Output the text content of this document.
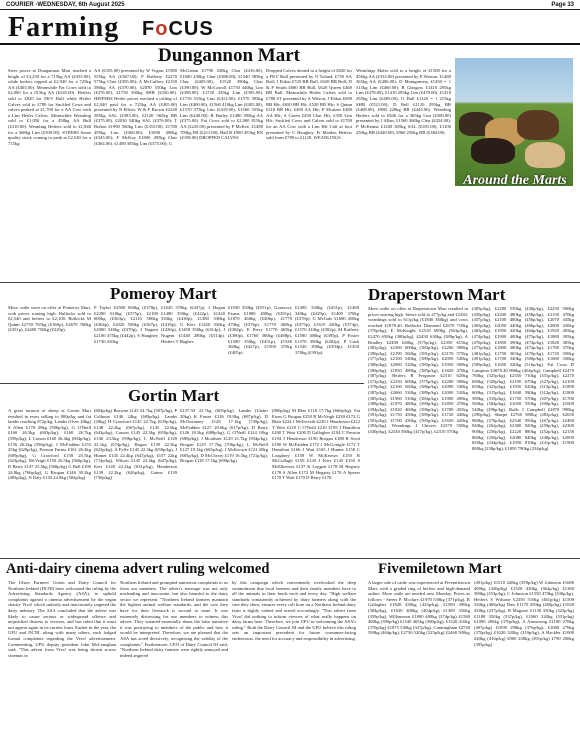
COURIER -WEDNESDAY, 6th August 2025	Page 33
Farming FoCUS
Dungannon Mart
Steer prices at Dungannon Mart reached a height of £3,250 for a 715kg AA (£455.00), while heifers topped at £2,940 for a 725kg AA (£405.00). Meanwhile Fat Cows sold to £2,000 for a 815kg AA (£245.00). Heifers sold to £820 for FKV Bull while Heifer Calves sold to £780 for Suckled Cows and calves peaked at £1,700 for a AA Cow with a Lim Heifer Calves. Meanwhile Weanling sold to £1,050 for a 458kg AA Bull (£310.00). Weanling Heifers sold to £1,840 for a 368kg Lim (£500.00). STEERS Some quality stock coming to peak at £2,540 for a 715kg
AA (£355.00) presented by W Vogan, £1980 555kg AA (£367.00); P Rafferty £2270 575kg Char (£395.00); A McCaffrey £2150 580kg AA (£370.00), £2070 550kg Lim (£376.00), £1750 500kg SHB (£350.00). HEIFERS Heifer prices reached a ceiling of £2,940 paid for a 725kg AA (£405.00) presented by N Elliott, W & F Brown £2240 585kg SAL (£383.00), £2120 565kg BB (£375.00), £2030 540kg SAL (£376.00); T Bolton £1990 560kg Lim (£355.00), £1780 495kg Lim (£360.00), £1690 490kg (£345.00); F McKay £1800 495kg Char (£364.00), £1490 385kg Lim (£375.00); G
McGahan £1790 430kg Char (£416.00), £1600 430kg Char (£386.00), £1540 385kg Char (£405.00), £1520 390kg Char (£390.00); W McCarroll £1750 440kg Lim (£398.00), £1720 435kg Lim (£395.00), £1710 415kg Lim (£412.00), £1570 395kg Lim (£400.00), £1560 410kg Lim (£405.00), £1570 375kg Lim (£419.00), £1560 355kg Lim (£440.00); B Hurley £1480 395kg AA (£375.00). Fat Cows sold to £2,000 815kg AA (£245.00) presented by F McKee, £1480 700kg FR (£211.00); Hall R £900 455kg BN (£198.00) DROPPED CALVES
Dropped Calves dented to a height of £820 for a FKV Bull presented by O Toland, £750 AA Bull; J Eldon £720 BB Bull, £620 BB Bull; D & F Smith £680 BB Bull, £620 Queen £460 BB Bull. Meanwhile Heifer Calves sold to £780 ST presented by A Wilson; J Eldon £690 BB Hfr, £650 BB Hfr, £520 BB Hfr; S Quinn £510 BB Hfr, £490 AA Hfr; P Mcateer £480 AA Hfr; S Green £450 Char Hfr, £350 Lim Hfr; Suckled Cows and Calves sold to £1700 for an AA Cow with a Lim Hfr Calf at foot presented by C Haughey. Fr Maiden Heifers sold from £780 to £1120. WEANLINGS
Weanlings Males sold to a height of £1500 for a 456kg AA (£333.00) presented by E Watson, £1480 365kg AA (£406.00); D Montgomery £1450 = 1 315kg Lim (£460.00); R Glasgow £1410 295kg Lim (£478.00), £1410 295kg Lim (£478.00), £1410 295kg Lim (£485.00); O Hall £1120 = 1 215kg SHB (£521.00); D Bell £1120 295kg BB (£408.00), £980 220kg BB (£445.00). Weanling Heifers sold to £840 for a 365kg Lim (£500.00) presented by J Allan, £1560 368kg Char (£424.00); P McKenna £1200 305kg SAL (£391.00), £1100 250kg BB (£440.00), £960 250kg BB (£384.00).
Around the Marts
Pomeroy Mart
More cattle were on offer at Pomeroy Mart, with prices soaring high. Bullocks sold to £2,540 and heifers to £2,100. Bullocks M Quinn £2750 765kg (£360p), £2670 760kg (£351p), £2400 750kg (£320p).
P Taylor £2500 660kg (£378p), £2290 610kg (£375p), £2180 600kg (£363p), £2110 580kg (£364p), £2020 550kg (£367p), £2000 540kg (£370p), J Nugent £2100 475kg (£442p), S Haughey £1730 410kg
£1620 370kg (£437p), I Hogan £1480 350kg (£422p), £1420 330kg (£430p), £1380 330kg (£418p), G Kerr £1420 330kg (£430p), £1450 350kg (£414p), J Nugent £1440 280kg (£514p). Heifers T Hughes
£1930 350kg (£551p), Gorasovy Farms £1880 480kg (£391p), £1870 460kg (£406p), £1770 470kg (£376p), £1770 460kg (£384p), E Perry £1770 465kg (£380p), £1760 360kg (£488p), £1580 350kg (£451p), £1540 360kg (£427p), £1500 370kg (£405p)
£1490 330kg (£451p), £1460 340kg (£429p), £1400 370kg (£378p), G McGale £1680 450kg (£373p), £1610 430kg (£374p), £1570 410kg (£382p), M Rafferty £1580 400kg (£395p), P Foster £1570 390kg (£402p), P Cush £1540 390kg (£394p), £1450 370kg (£391p).
Gortin Mart
A great turnout of sheep at Gortin Mart resulted in ewes selling to 800p/kg and fat lambs reaching 872p/kg. Lambs (Over 20kg) S Allen £170 29kg (586p/kg), G O'Neill £160 26.5kg (603p/kg), £160 26.7kg (599p/kg), L Carson £160 26.4kg (604p/kg), £156 26.2kg (596p/kg), J McFadden £155 25kg (620p/kg), Preston Farms £161 26.4kg (609p/kg), G Crawford £158 25.5kg (623p/kg), McVeigh £150 26.5kg (566p/kg), D Berry £147 25.5kg (568p/kg) G Bell £190 24.8kg (766p/kg), G Brogan £146 30.2kg (483p/kg), N Daly £145 24.8kg (584p/kg)
(604p/kg) Browne £145 24.7kg (587p/kg), P Colhoun £146 24kg (608p/kg). Lambs (20kg) H Crawford £145 22.7kg (639p/kg), £148 22.2kg (667p/kg), £145 22.6kg (642p/kg), Carson £145 22.3kg (650p/kg), £140 23.5kg (596p/kg), L McNeill £149 22.1kg (674p/kg), Hogan £139 22.3kg (623p/kg), A Fyffe £145 22.3kg (650p/kg), J Hunter £145 22.4kg (647p/kg), £157 22kg (714p/kg), Wilson £145 22.4kg (647p/kg), Kerr £140 22.2kg (631p/kg), Henderson £139 22.2kg (626p/kg), Gaims £139 (730p/kg)
£137.50 22.7kg (605p/kg). Lambs (Under 20kg) K Fraser £136 19.8kg (687p/kg), D McIlwrainey £128 17.1kg (749p/kg), McFadden £127 20.6kg (617p/kg), D Berry £126 18.3kg (688p/kg), G O'Neill £124 18kg (689p/kg), J Mcalister £129 21.7kg (594p/kg), Brogan £125 17.7kg (706p/kg), L McNeill £127 19.1kg (665p/kg), J McKeown £121 20kg (605p/kg), D McCleary £119 16.5kg (721p/kg), Brogan £118 17.1kg (690p/kg)
(800p/kg) M Blee £118 17.7kg (666p/kg). Fat Ewes G Brogan £250 R McVeigh £230 £172 G Blair £224 J McIlwrath £220 J Henderson £212 T West £210 C O'Neill £210 £195 J Hamilton £200 T West £200 D Gallagher £194 C Preston £194 J Henderson £190 Brogan £188 R Scott £180 W McFadden £172 J McGonigle £172 T Hamilton £166 J Watt £165 J Hunter £158 C Loughrey £158 W McKeown £150 R McCullagh £150 £145 J Kerr £145 £150 S McElkeown £137 K Leggett £178 M Hegarty £178 S Allen £172 M Hegarty £170 A Speers £170 T Watt £170 D Berry £170.
Draperstown Mart
More cattle on offer at Draperstown Mart resulted in prices soaring high. Steers sold to 477p/kg and £2430, weanlings sold to 611p/kg (£1840 360kg) and cows reached £1878.40. Bullocks Diamond £2670 710kg (376p/kg), E McKnight £2510 690kg (363p/kg), £2470 650kg (380p/kg), £2450 630kg (389p/kg), A Bradley £2400 640kg (375p/kg), £2350 615kg (381p/kg), £2300 600kg (383p/kg), £2260 580kg (390p/kg), £2190 560kg (391p/kg), £2170 575kg (377p/kg), £2100 540kg (389p/kg), £2050 540kg (380p/kg), £2000 520kg (385p/kg), £1950 500kg (390p/kg), £1850 480kg (385p/kg), £1820 470kg (387p/kg). Heifers R Ferguson £2310 620kg (372p/kg), £2250 600kg (375p/kg), £2200 580kg (379p/kg), £2160 560kg (386p/kg), £2090 540kg (387p/kg), £2060 530kg (389p/kg), £2000 520kg (385p/kg), £1960 510kg (384p/kg), £1900 490kg (388p/kg), £1870 480kg (390p/kg), £1850 470kg (394p/kg), £1820 460kg (396p/kg), £1780 455kg (391p/kg), £1750 450kg (389p/kg), £1720 440kg (391p/kg), £1700 430kg (395p/kg), £1650 420kg (393p/kg). Weanlings J Chivers £2370 550kg (430p/kg), £2340 560kg (417p/kg), £2310 570kg
(405p/kg), £2280 530kg (430p/kg), £2250 500kg (450p/kg), £2200 480kg (458p/kg), £2150 470kg (457p/kg), £2100 460kg (456p/kg), £2070 445kg (465p/kg), £2050 440kg (466p/kg), £2000 430kg (465p/kg), £1950 420kg (464p/kg), £1920 405kg (474p/kg), £1900 400kg (475p/kg), £1880 395kg (476p/kg), £1850 390kg (474p/kg), £1820 385kg (473p/kg), £1800 380kg (474p/kg), £1780 370kg (481p/kg), £1750 365kg (479p/kg), £1720 350kg (491p/kg), £1700 340kg (500p/kg), £1680 330kg (509p/kg), £1650 320kg (516p/kg). Fat Cows D Campton £3878.40 960kg (404p/kg), Campbell £2470 760kg (325p/kg), £2350 710kg (331p/kg), £2270 690kg (329p/kg), £2190 670kg (327p/kg), £2100 650kg (323p/kg), £1950 620kg (315p/kg), £1890 600kg (315p/kg), £1840 590kg (312p/kg), £1800 580kg (310p/kg), £1750 570kg (307p/kg), £1700 560kg (304p/kg), £1650 550kg (300p/kg), £1600 540kg (296p/kg). Bulls J Campbell £2870 990kg (290p/kg), Sharpe £2760 980kg (282p/kg), £2650 960kg (276p/kg), £2540 950kg (267p/kg), £2460 940kg (262p/kg), £2380 920kg (259p/kg), £2300 900kg (256p/kg), £2220 880kg (252p/kg), £2150 860kg (250p/kg), £2080 840kg (248p/kg), £2000 820kg (244p/kg), £1950 810kg (241p/kg), £1900 800kg (238p/kg), £1850 790kg (234p/kg)
Anti-dairy cinema advert ruling welcomed
The Ulster Farmers' Union and Dairy Council for Northern Ireland (DCNI) have welcomed the ruling by the Advertising Standards Agency (ASA), to uphold complaints against a cinema advertisement by the vegan charity Viva! which unfairly and inaccurately targeted the dairy industry. The ASA concluded that the advert was likely to cause serious or widespread offence and unjustified distress to viewers, and has ruled that it must not appear again in its current form. Earlier in the year, the UFU and DCNI, along with many others, each lodged formal complaints regarding the Viva! advertisement. Commenting, UFU deputy president John McLenaghan said, "This advert from Viva! was being shown across cinemas in
Northern Ireland and prompted numerous complaints to us from our members. The advert's message was not only misleading and inaccurate, but also harmful to the dairy sector we represent. "Northern Ireland farmers maintain the highest animal welfare standards, and the care they have for their livestock is second to none. It was extremely distressing for our members to witness this advert. They warmed essentially about the false narrative it was portraying to members of the public and how it would be interpreted. Therefore, we are pleased that the ASA has acted decisively, recognising the validity of the complaints." Furthermore, CEO of Dairy Council NI said, "Northern Ireland dairy farmers were rightly annoyed and indeed angered
by this campaign which conveniently overlooked the deep commitment that local farmers and their family members have to all the animals in their herds each and every day. "High welfare standards consistently achieved by dairy farmers along with the care they show, ensures every calf born on a Northern Ireland dairy farm is highly valued and reared accordingly. "This advert from Viva! did nothing to inform viewers of what really happens on dairy farms here. Therefore, we join UFU in welcoming the ASA's ruling." Both the Dairy Council NI and the UFU believe this ruling sets an important precedent for future consumer-facing endeavours, the need for accuracy and responsibility in advertising.
Fivemiletown Mart
A larger sale of cattle was experienced at Fivemiletown Mart, with a graded ring of heifers and high-demand online. More cattle are needed next Monday. Prices as follows - Steers P. Mcclure £1970 530kg (371p/kg), R Gallagher £1820 430kg (423p/kg), £1500 390kg (384p/kg), £1630 400kg (404p/kg) £1300 350kg (359p/kg), Williamson £1800 480kg (374p/kg) £1580 400kg (390p/kg) £1540 405kg (380p/kg), £1520 410kg (370p/kg) £1875 540kg (347p/kg). Cunningham £2740 590kg (464p/kg), £2730 520kg (525p/kg) £2460 500kg
(491p/kg) £1510 420kg (359p/kg) W Johnston £1680 400kg (420p/kg) £1520 420kg (362p/kg) £1360 390kg (353p/kg), C Johnston £1550 470kg (330p/kg). Heifers S Wilsone £2350 510kg (461p/kg) £1500 320kg (469p/kg) Daw £1170 450kg (260p/kg) £1020 430kg (237p/kg), R Maguire £1130 350kg (323p/kg) £1180 350kg (337p/kg), £1060 320kg (331p/kg) £1090 290kg (376p/kg), A Armstrong £1100 270kg (407p/kg) £1090 290kg (376p/kg), £1000 270kg (370p/kg) £1020 320kg (319p/kg), A Hackler £1000 240kg (416p/kg) £900 230kg (391p/kg) £790 200kg (395p/kg).
